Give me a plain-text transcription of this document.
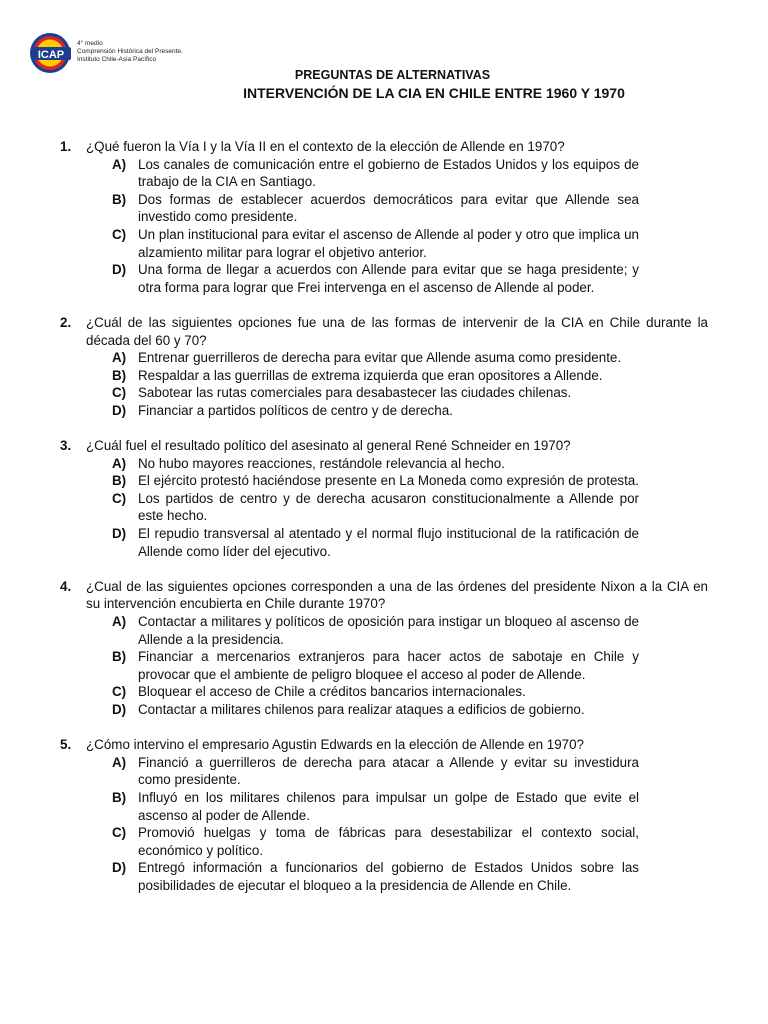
ICAP
4° medio
Comprensión Histórica del Presente.
Instituto Chile-Asia Pacífico
PREGUNTAS DE ALTERNATIVAS
INTERVENCIÓN DE LA CIA EN CHILE ENTRE 1960 Y 1970
1. ¿Qué fueron la Vía I y la Vía II en el contexto de la elección de Allende en 1970?
A) Los canales de comunicación entre el gobierno de Estados Unidos y los equipos de trabajo de la CIA en Santiago.
B) Dos formas de establecer acuerdos democráticos para evitar que Allende sea investido como presidente.
C) Un plan institucional para evitar el ascenso de Allende al poder y otro que implica un alzamiento militar para lograr el objetivo anterior.
D) Una forma de llegar a acuerdos con Allende para evitar que se haga presidente; y otra forma para lograr que Frei intervenga en el ascenso de Allende al poder.
2. ¿Cuál de las siguientes opciones fue una de las formas de intervenir de la CIA en Chile durante la década del 60 y 70?
A) Entrenar guerrilleros de derecha para evitar que Allende asuma como presidente.
B) Respaldar a las guerrillas de extrema izquierda que eran opositores a Allende.
C) Sabotear las rutas comerciales para desabastecer las ciudades chilenas.
D) Financiar a partidos políticos de centro y de derecha.
3. ¿Cuál fuel el resultado político del asesinato al general René Schneider en 1970?
A) No hubo mayores reacciones, restándole relevancia al hecho.
B) El ejército protestó haciéndose presente en La Moneda como expresión de protesta.
C) Los partidos de centro y de derecha acusaron constitucionalmente a Allende por este hecho.
D) El repudio transversal al atentado y el normal flujo institucional de la ratificación de Allende como líder del ejecutivo.
4. ¿Cual de las siguientes opciones corresponden a una de las órdenes del presidente Nixon a la CIA en su intervención encubierta en Chile durante 1970?
A) Contactar a militares y políticos de oposición para instigar un bloqueo al ascenso de Allende a la presidencia.
B) Financiar a mercenarios extranjeros para hacer actos de sabotaje en Chile y provocar que el ambiente de peligro bloquee el acceso al poder de Allende.
C) Bloquear el acceso de Chile a créditos bancarios internacionales.
D) Contactar a militares chilenos para realizar ataques a edificios de gobierno.
5. ¿Cómo intervino el empresario Agustin Edwards en la elección de Allende en 1970?
A) Financió a guerrilleros de derecha para atacar a Allende y evitar su investidura como presidente.
B) Influyó en los militares chilenos para impulsar un golpe de Estado que evite el ascenso al poder de Allende.
C) Promovió huelgas y toma de fábricas para desestabilizar el contexto social, económico y político.
D) Entregó información a funcionarios del gobierno de Estados Unidos sobre las posibilidades de ejecutar el bloqueo a la presidencia de Allende en Chile.
